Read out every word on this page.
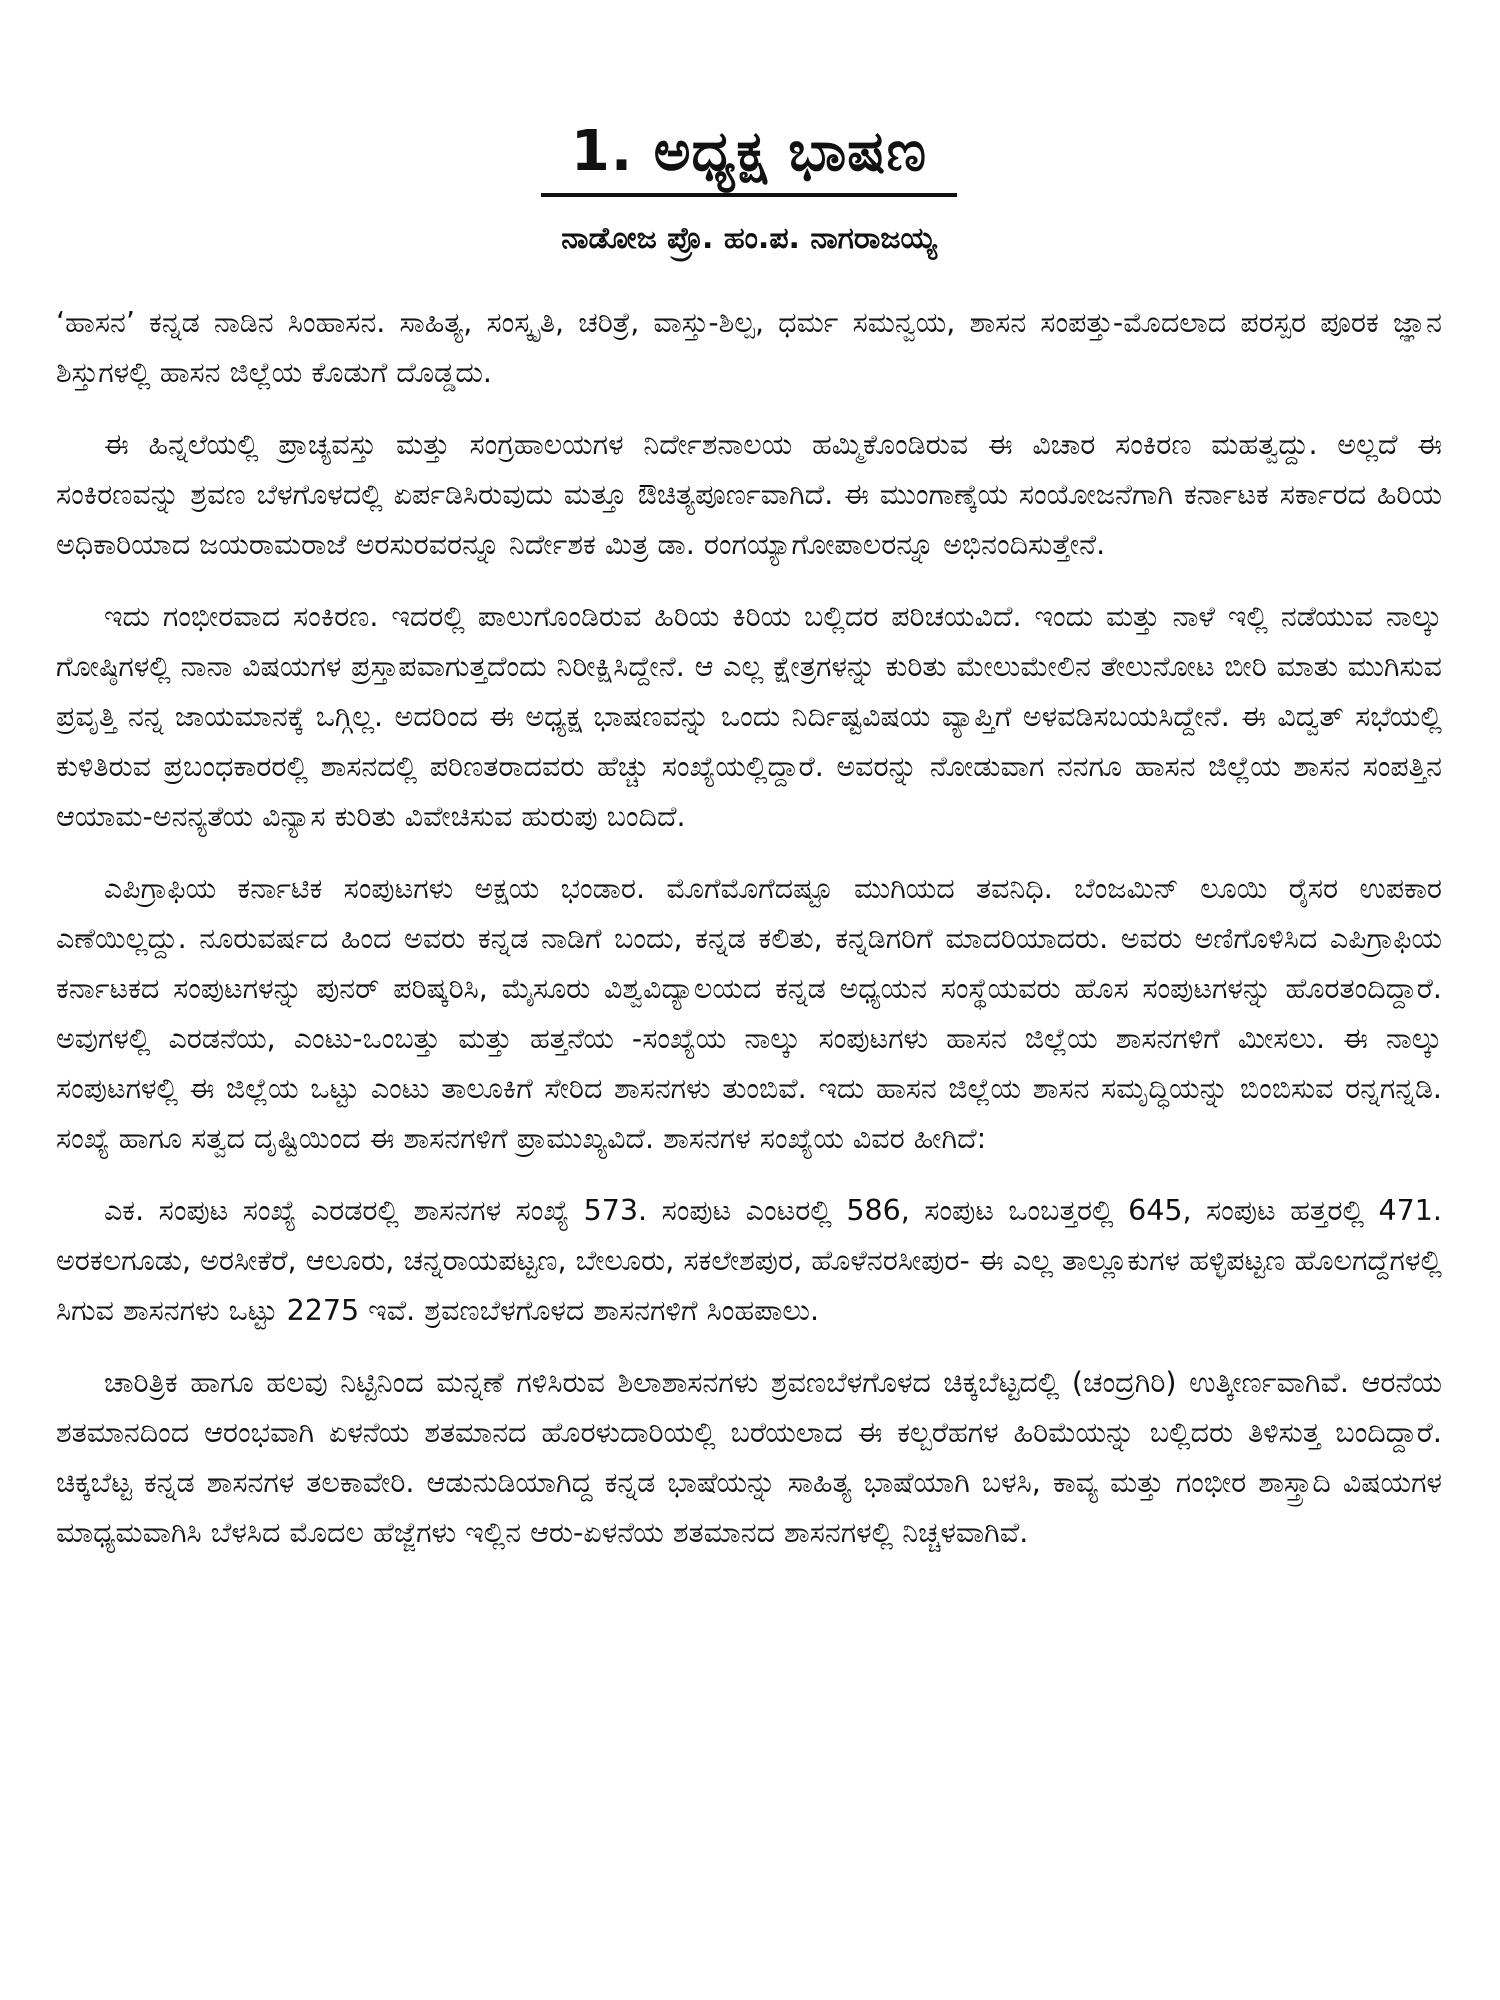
1. ಅಧ್ಯಕ್ಷ ಭಾಷಣ
ನಾಡೋಜ ಪ್ರೊ. ಹಂ.ಪ. ನಾಗರಾಜಯ್ಯ

‘ಹಾಸನ’ ಕನ್ನಡ ನಾಡಿನ ಸಿಂಹಾಸನ. ಸಾಹಿತ್ಯ, ಸಂಸ್ಕೃತಿ, ಚರಿತ್ರೆ, ವಾಸ್ತು-ಶಿಲ್ಪ, ಧರ್ಮ ಸಮನ್ವಯ, ಶಾಸನ ಸಂಪತ್ತು-ಮೊದಲಾದ ಪರಸ್ಪರ ಪೂರಕ ಜ್ಞಾನ ಶಿಸ್ತುಗಳಲ್ಲಿ ಹಾಸನ ಜಿಲ್ಲೆಯ ಕೊಡುಗೆ ದೊಡ್ಡದು.

ಈ ಹಿನ್ನಲೆಯಲ್ಲಿ ಪ್ರಾಚ್ಯವಸ್ತು ಮತ್ತು ಸಂಗ್ರಹಾಲಯಗಳ ನಿರ್ದೇಶನಾಲಯ ಹಮ್ಮಿಕೊಂಡಿರುವ ಈ ವಿಚಾರ ಸಂಕಿರಣ ಮಹತ್ವದ್ದು. ಅಲ್ಲದೆ ಈ ಸಂಕಿರಣವನ್ನು ಶ್ರವಣ ಬೆಳಗೊಳದಲ್ಲಿ ಏರ್ಪಡಿಸಿರುವುದು ಮತ್ತೂ ಔಚಿತ್ಯಪೂರ್ಣವಾಗಿದೆ. ಈ ಮುಂಗಾಣ್ಕೆಯ ಸಂಯೋಜನೆಗಾಗಿ ಕರ್ನಾಟಕ ಸರ್ಕಾರದ ಹಿರಿಯ ಅಧಿಕಾರಿಯಾದ ಜಯರಾಮರಾಜೆ ಅರಸುರವರನ್ನೂ ನಿರ್ದೇಶಕ ಮಿತ್ರ ಡಾ. ರಂಗಯ್ಯಾಗೋಪಾಲರನ್ನೂ ಅಭಿನಂದಿಸುತ್ತೇನೆ.

ಇದು ಗಂಭೀರವಾದ ಸಂಕಿರಣ. ಇದರಲ್ಲಿ ಪಾಲುಗೊಂಡಿರುವ ಹಿರಿಯ ಕಿರಿಯ ಬಲ್ಲಿದರ ಪರಿಚಯವಿದೆ. ಇಂದು ಮತ್ತು ನಾಳೆ ಇಲ್ಲಿ ನಡೆಯುವ ನಾಲ್ಕು ಗೋಷ್ಠಿಗಳಲ್ಲಿ ನಾನಾ ವಿಷಯಗಳ ಪ್ರಸ್ತಾಪವಾಗುತ್ತದೆಂದು ನಿರೀಕ್ಷಿಸಿದ್ದೇನೆ. ಆ ಎಲ್ಲ ಕ್ಷೇತ್ರಗಳನ್ನು ಕುರಿತು ಮೇಲುಮೇಲಿನ ತೇಲುನೋಟ ಬೀರಿ ಮಾತು ಮುಗಿಸುವ ಪ್ರವೃತ್ತಿ ನನ್ನ ಜಾಯಮಾನಕ್ಕೆ ಒಗ್ಗಿಲ್ಲ. ಅದರಿಂದ ಈ ಅಧ್ಯಕ್ಷ ಭಾಷಣವನ್ನು ಒಂದು ನಿರ್ದಿಷ್ಟವಿಷಯ ವ್ಯಾಪ್ತಿಗೆ ಅಳವಡಿಸಬಯಸಿದ್ದೇನೆ. ಈ ವಿದ್ವತ್ ಸಭೆಯಲ್ಲಿ ಕುಳಿತಿರುವ ಪ್ರಬಂಧಕಾರರಲ್ಲಿ ಶಾಸನದಲ್ಲಿ ಪರಿಣತರಾದವರು ಹೆಚ್ಚು ಸಂಖ್ಯೆಯಲ್ಲಿದ್ದಾರೆ. ಅವರನ್ನು ನೋಡುವಾಗ ನನಗೂ ಹಾಸನ ಜಿಲ್ಲೆಯ ಶಾಸನ ಸಂಪತ್ತಿನ ಆಯಾಮ-ಅನನ್ಯತೆಯ ವಿನ್ಯಾಸ ಕುರಿತು ವಿವೇಚಿಸುವ ಹುರುಪು ಬಂದಿದೆ.

ಎಪಿಗ್ರಾಫಿಯ ಕರ್ನಾಟಿಕ ಸಂಪುಟಗಳು ಅಕ್ಷಯ ಭಂಡಾರ. ಮೊಗೆಮೊಗೆದಷ್ಟೂ ಮುಗಿಯದ ತವನಿಧಿ. ಬೆಂಜಮಿನ್ ಲೂಯಿ ರೈಸರ ಉಪಕಾರ ಎಣೆಯಿಲ್ಲದ್ದು. ನೂರುವರ್ಷದ ಹಿಂದ ಅವರು ಕನ್ನಡ ನಾಡಿಗೆ ಬಂದು, ಕನ್ನಡ ಕಲಿತು, ಕನ್ನಡಿಗರಿಗೆ ಮಾದರಿಯಾದರು. ಅವರು ಅಣಿಗೊಳಿಸಿದ ಎಪಿಗ್ರಾಫಿಯ ಕರ್ನಾಟಕದ ಸಂಪುಟಗಳನ್ನು ಪುನರ್ ಪರಿಷ್ಕರಿಸಿ, ಮೈಸೂರು ವಿಶ್ವವಿದ್ಯಾಲಯದ ಕನ್ನಡ ಅಧ್ಯಯನ ಸಂಸ್ಥೆಯವರು ಹೊಸ ಸಂಪುಟಗಳನ್ನು ಹೊರತಂದಿದ್ದಾರೆ. ಅವುಗಳಲ್ಲಿ ಎರಡನೆಯ, ಎಂಟು-ಒಂಬತ್ತು ಮತ್ತು ಹತ್ತನೆಯ -ಸಂಖ್ಯೆಯ ನಾಲ್ಕು ಸಂಪುಟಗಳು ಹಾಸನ ಜಿಲ್ಲೆಯ ಶಾಸನಗಳಿಗೆ ಮೀಸಲು. ಈ ನಾಲ್ಕು ಸಂಪುಟಗಳಲ್ಲಿ ಈ ಜಿಲ್ಲೆಯ ಒಟ್ಟು ಎಂಟು ತಾಲೂಕಿಗೆ ಸೇರಿದ ಶಾಸನಗಳು ತುಂಬಿವೆ. ಇದು ಹಾಸನ ಜಿಲ್ಲೆಯ ಶಾಸನ ಸಮೃದ್ಧಿಯನ್ನು ಬಿಂಬಿಸುವ ರನ್ನಗನ್ನಡಿ. ಸಂಖ್ಯೆ ಹಾಗೂ ಸತ್ವದ ದೃಷ್ಟಿಯಿಂದ ಈ ಶಾಸನಗಳಿಗೆ ಪ್ರಾಮುಖ್ಯವಿದೆ. ಶಾಸನಗಳ ಸಂಖ್ಯೆಯ ವಿವರ ಹೀಗಿದೆ:

ಎಕ. ಸಂಪುಟ ಸಂಖ್ಯೆ ಎರಡರಲ್ಲಿ ಶಾಸನಗಳ ಸಂಖ್ಯೆ 573. ಸಂಪುಟ ಎಂಟರಲ್ಲಿ 586, ಸಂಪುಟ ಒಂಬತ್ತರಲ್ಲಿ 645, ಸಂಪುಟ ಹತ್ತರಲ್ಲಿ 471. ಅರಕಲಗೂಡು, ಅರಸೀಕೆರೆ, ಆಲೂರು, ಚನ್ನರಾಯಪಟ್ಟಣ, ಬೇಲೂರು, ಸಕಲೇಶಪುರ, ಹೊಳೆನರಸೀಪುರ- ಈ ಎಲ್ಲ ತಾಲ್ಲೂಕುಗಳ ಹಳ್ಳಿಪಟ್ಟಣ ಹೊಲಗದ್ದೆಗಳಲ್ಲಿ ಸಿಗುವ ಶಾಸನಗಳು ಒಟ್ಟು 2275 ಇವೆ. ಶ್ರವಣಬೆಳಗೊಳದ ಶಾಸನಗಳಿಗೆ ಸಿಂಹಪಾಲು.

ಚಾರಿತ್ರಿಕ ಹಾಗೂ ಹಲವು ನಿಟ್ಟಿನಿಂದ ಮನ್ನಣೆ ಗಳಿಸಿರುವ ಶಿಲಾಶಾಸನಗಳು ಶ್ರವಣಬೆಳಗೊಳದ ಚಿಕ್ಕಬೆಟ್ಟದಲ್ಲಿ (ಚಂದ್ರಗಿರಿ) ಉತ್ಕೀರ್ಣವಾಗಿವೆ. ಆರನೆಯ ಶತಮಾನದಿಂದ ಆರಂಭವಾಗಿ ಏಳನೆಯ ಶತಮಾನದ ಹೊರಳುದಾರಿಯಲ್ಲಿ ಬರೆಯಲಾದ ಈ ಕಲ್ಬರೆಹಗಳ ಹಿರಿಮೆಯನ್ನು ಬಲ್ಲಿದರು ತಿಳಿಸುತ್ತ ಬಂದಿದ್ದಾರೆ. ಚಿಕ್ಕಬೆಟ್ಟ ಕನ್ನಡ ಶಾಸನಗಳ ತಲಕಾವೇರಿ. ಆಡುನುಡಿಯಾಗಿದ್ದ ಕನ್ನಡ ಭಾಷೆಯನ್ನು ಸಾಹಿತ್ಯ ಭಾಷೆಯಾಗಿ ಬಳಸಿ, ಕಾವ್ಯ ಮತ್ತು ಗಂಭೀರ ಶಾಸ್ತ್ರಾದಿ ವಿಷಯಗಳ ಮಾಧ್ಯಮವಾಗಿಸಿ ಬೆಳಸಿದ ಮೊದಲ ಹೆಜ್ಜೆಗಳು ಇಲ್ಲಿನ ಆರು-ಏಳನೆಯ ಶತಮಾನದ ಶಾಸನಗಳಲ್ಲಿ ನಿಚ್ಚಳವಾಗಿವೆ.
